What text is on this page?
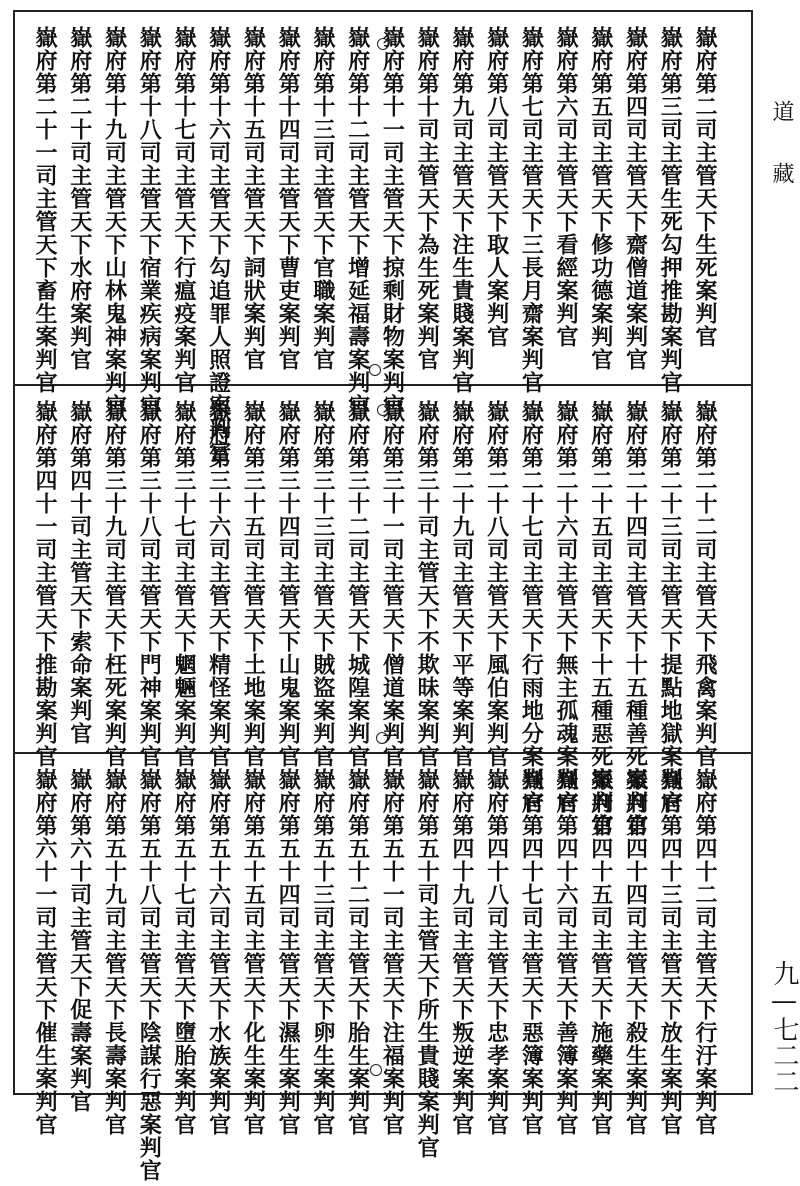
嶽府第二司主管天下生死案判官
嶽府第三司主管生死勾押推勘案判官
嶽府第四司主管天下齋僧道案判官
嶽府第五司主管天下修功德案判官
嶽府第六司主管天下看經案判官
嶽府第七司主管天下三長月齋案判官
嶽府第八司主管天下取人案判官
嶽府第九司主管天下注生貴賤案判官
嶽府第十司主管天下為生死案判官
嶽府第十一司主管天下掠剩財物案判官
嶽府第十二司主管天下增延福壽案判官
嶽府第十三司主管天下官職案判官
嶽府第十四司主管天下曹吏案判官
嶽府第十五司主管天下詞狀案判官
嶽府第十六司主管天下勾追罪人照證案判官
嶽府第十七司主管天下行瘟疫案判官
嶽府第十八司主管天下宿業疾病案判官
嶽府第十九司主管天下山林鬼神案判官
嶽府第二十司主管天下水府案判官
嶽府第二十一司主管天下畜生案判官
嶽府第二十二司主管天下飛禽案判官
嶽府第二十三司主管天下提點地獄案判官
嶽府第二十四司主管天下十五種善死案判官
嶽府第二十五司主管天下十五種惡死案判官
嶽府第二十六司主管天下無主孤魂案判官
嶽府第二十七司主管天下行雨地分案判官
嶽府第二十八司主管天下風伯案判官
嶽府第二十九司主管天下平等案判官
嶽府第三十司主管天下不欺昧案判官
嶽府第三十一司主管天下僧道案判官
嶽府第三十二司主管天下城隍案判官
嶽府第三十三司主管天下賊盜案判官
嶽府第三十四司主管天下山鬼案判官
嶽府第三十五司主管天下土地案判官
嶽府第三十六司主管天下精怪案判官
嶽府第三十七司主管天下魍魎案判官
嶽府第三十八司主管天下門神案判官
嶽府第三十九司主管天下枉死案判官
嶽府第四十司主管天下索命案判官
嶽府第四十一司主管天下推勘案判官
嶽府第四十二司主管天下行汙案判官
嶽府第四十三司主管天下放生案判官
嶽府第四十四司主管天下殺生案判官
嶽府第四十五司主管天下施藥案判官
嶽府第四十六司主管天下善簿案判官
嶽府第四十七司主管天下惡簿案判官
嶽府第四十八司主管天下忠孝案判官
嶽府第四十九司主管天下叛逆案判官
嶽府第五十司主管天下所生貴賤案判官
嶽府第五十一司主管天下注福案判官
嶽府第五十二司主管天下胎生案判官
嶽府第五十三司主管天下卵生案判官
嶽府第五十四司主管天下濕生案判官
嶽府第五十五司主管天下化生案判官
嶽府第五十六司主管天下水族案判官
嶽府第五十七司主管天下墮胎案判官
嶽府第五十八司主管天下陰謀行惡案判官
嶽府第五十九司主管天下長壽案判官
嶽府第六十司主管天下促壽案判官
嶽府第六十一司主管天下催生案判官
道藏
九—七二二
